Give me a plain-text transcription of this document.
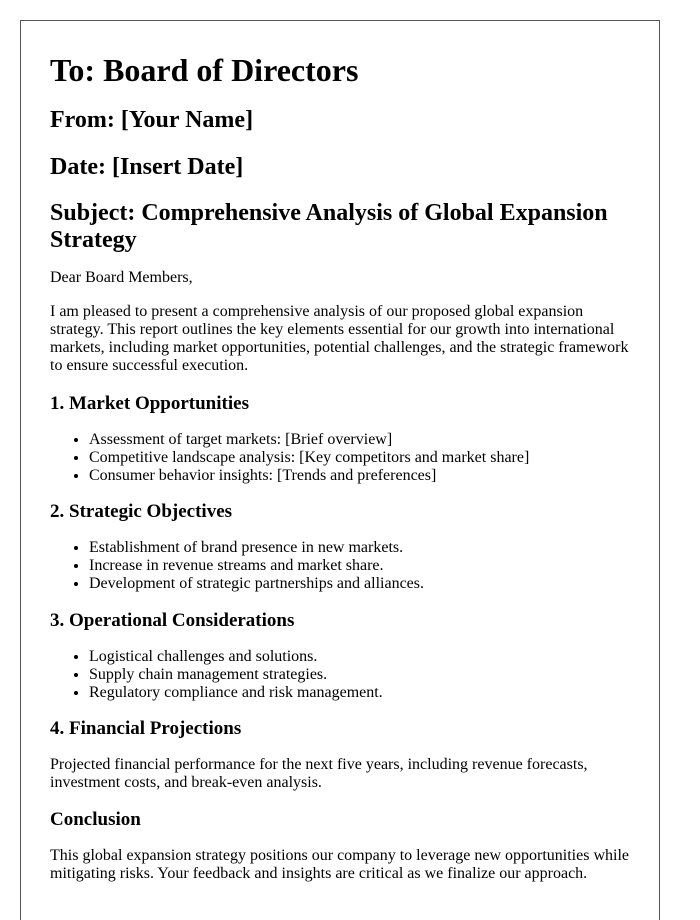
To: Board of Directors
From: [Your Name]
Date: [Insert Date]
Subject: Comprehensive Analysis of Global Expansion Strategy

Dear Board Members,

I am pleased to present a comprehensive analysis of our proposed global expansion strategy. This report outlines the key elements essential for our growth into international markets, including market opportunities, potential challenges, and the strategic framework to ensure successful execution.

1. Market Opportunities
• Assessment of target markets: [Brief overview]
• Competitive landscape analysis: [Key competitors and market share]
• Consumer behavior insights: [Trends and preferences]
2. Strategic Objectives
• Establishment of brand presence in new markets.
• Increase in revenue streams and market share.
• Development of strategic partnerships and alliances.
3. Operational Considerations
• Logistical challenges and solutions.
• Supply chain management strategies.
• Regulatory compliance and risk management.
4. Financial Projections

Projected financial performance for the next five years, including revenue forecasts, investment costs, and break-even analysis.

Conclusion

This global expansion strategy positions our company to leverage new opportunities while mitigating risks. Your feedback and insights are critical as we finalize our approach.
